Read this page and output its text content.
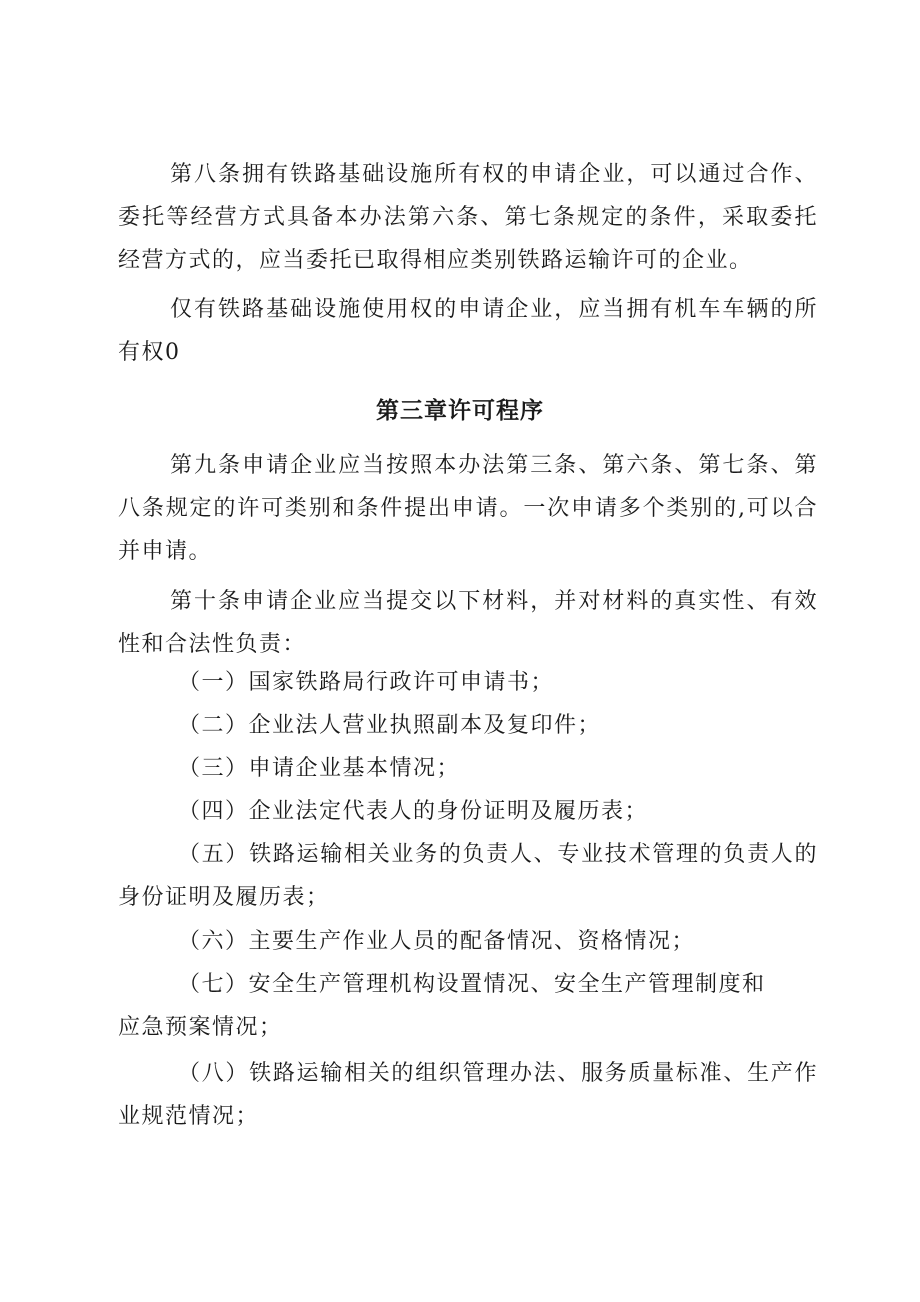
第八条拥有铁路基础设施所有权的申请企业，可以通过合作、委托等经营方式具备本办法第六条、第七条规定的条件，采取委托经营方式的，应当委托已取得相应类别铁路运输许可的企业。

仅有铁路基础设施使用权的申请企业，应当拥有机车车辆的所有权0

第三章许可程序

第九条申请企业应当按照本办法第三条、第六条、第七条、第八条规定的许可类别和条件提出申请。一次申请多个类别的,可以合并申请。

第十条申请企业应当提交以下材料，并对材料的真实性、有效性和合法性负责：

（一）国家铁路局行政许可申请书；

（二）企业法人营业执照副本及复印件；

（三）申请企业基本情况；

（四）企业法定代表人的身份证明及履历表；

（五）铁路运输相关业务的负责人、专业技术管理的负责人的身份证明及履历表；

（六）主要生产作业人员的配备情况、资格情况；

（七）安全生产管理机构设置情况、安全生产管理制度和

应急预案情况；

（八）铁路运输相关的组织管理办法、服务质量标准、生产作业规范情况；
